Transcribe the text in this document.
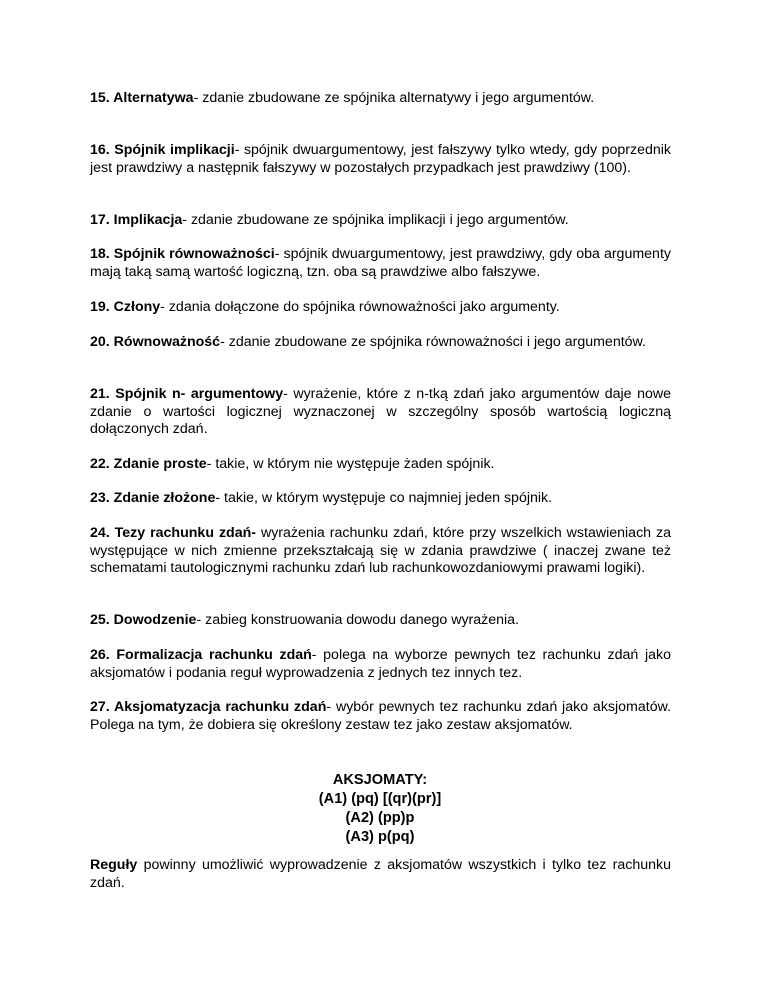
15. Alternatywa- zdanie zbudowane ze spójnika alternatywy i jego argumentów.

16. Spójnik implikacji- spójnik dwuargumentowy, jest fałszywy tylko wtedy, gdy poprzednik jest prawdziwy a następnik fałszywy w pozostałych przypadkach jest prawdziwy (100).

17. Implikacja- zdanie zbudowane ze spójnika implikacji i jego argumentów.

18. Spójnik równoważności- spójnik dwuargumentowy, jest prawdziwy, gdy oba argumenty mają taką samą wartość logiczną, tzn. oba są prawdziwe albo fałszywe.

19. Człony- zdania dołączone do spójnika równoważności jako argumenty.

20. Równoważność- zdanie zbudowane ze spójnika równoważności i jego argumentów.

21. Spójnik n- argumentowy- wyrażenie, które z n-tką zdań jako argumentów daje nowe zdanie o wartości logicznej wyznaczonej w szczególny sposób wartością logiczną dołączonych zdań.

22. Zdanie proste- takie, w którym nie występuje żaden spójnik.

23. Zdanie złożone- takie, w którym występuje co najmniej jeden spójnik.

24. Tezy rachunku zdań- wyrażenia rachunku zdań, które przy wszelkich wstawieniach za występujące w nich zmienne przekształcają się w zdania prawdziwe ( inaczej zwane też schematami tautologicznymi rachunku zdań lub rachunkowozdaniowymi prawami logiki).

25. Dowodzenie- zabieg konstruowania dowodu danego wyrażenia.

26. Formalizacja rachunku zdań- polega na wyborze pewnych tez rachunku zdań jako aksjomatów i podania reguł wyprowadzenia z jednych tez innych tez.

27. Aksjomatyzacja rachunku zdań- wybór pewnych tez rachunku zdań jako aksjomatów. Polega na tym, że dobiera się określony zestaw tez jako zestaw aksjomatów.

AKSJOMATY:
(A1) (pq) [(qr)(pr)]
(A2) (pp)p
(A3) p(pq)

Reguły powinny umożliwić wyprowadzenie z aksjomatów wszystkich i tylko tez rachunku zdań.
